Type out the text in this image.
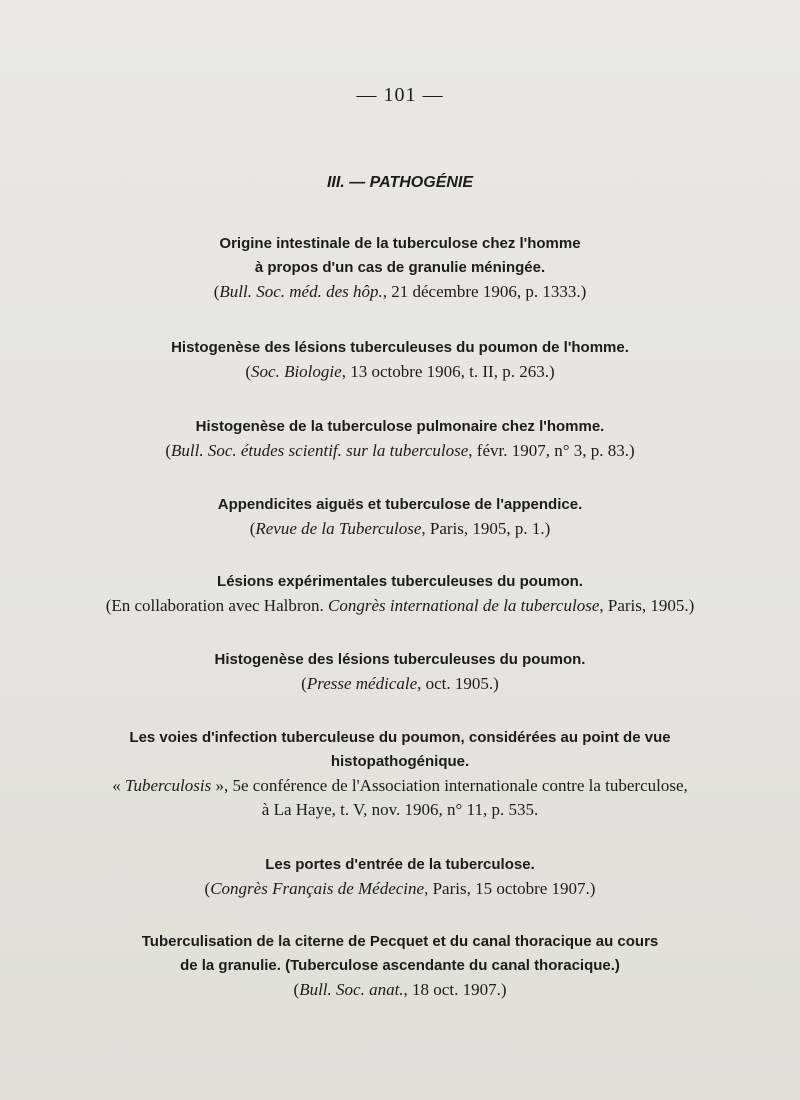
— 101 —
III. — PATHOGÉNIE

Origine intestinale de la tuberculose chez l'homme

à propos d'un cas de granulie méningée.

(Bull. Soc. méd. des hôp., 21 décembre 1906, p. 1333.)

Histogenèse des lésions tuberculeuses du poumon de l'homme.

(Soc. Biologie, 13 octobre 1906, t. II, p. 263.)

Histogenèse de la tuberculose pulmonaire chez l'homme.

(Bull. Soc. études scientif. sur la tuberculose, févr. 1907, n° 3, p. 83.)

Appendicites aiguës et tuberculose de l'appendice.

(Revue de la Tuberculose, Paris, 1905, p. 1.)

Lésions expérimentales tuberculeuses du poumon.

(En collaboration avec Halbron. Congrès international de la tuberculose, Paris, 1905.)

Histogenèse des lésions tuberculeuses du poumon.

(Presse médicale, oct. 1905.)

Les voies d'infection tuberculeuse du poumon, considérées au point de vue

histopathogénique.

« Tuberculosis », 5e conférence de l'Association internationale contre la tuberculose,

à La Haye, t. V, nov. 1906, n° 11, p. 535.

Les portes d'entrée de la tuberculose.

(Congrès Français de Médecine, Paris, 15 octobre 1907.)

Tuberculisation de la citerne de Pecquet et du canal thoracique au cours

de la granulie. (Tuberculose ascendante du canal thoracique.)

(Bull. Soc. anat., 18 oct. 1907.)
